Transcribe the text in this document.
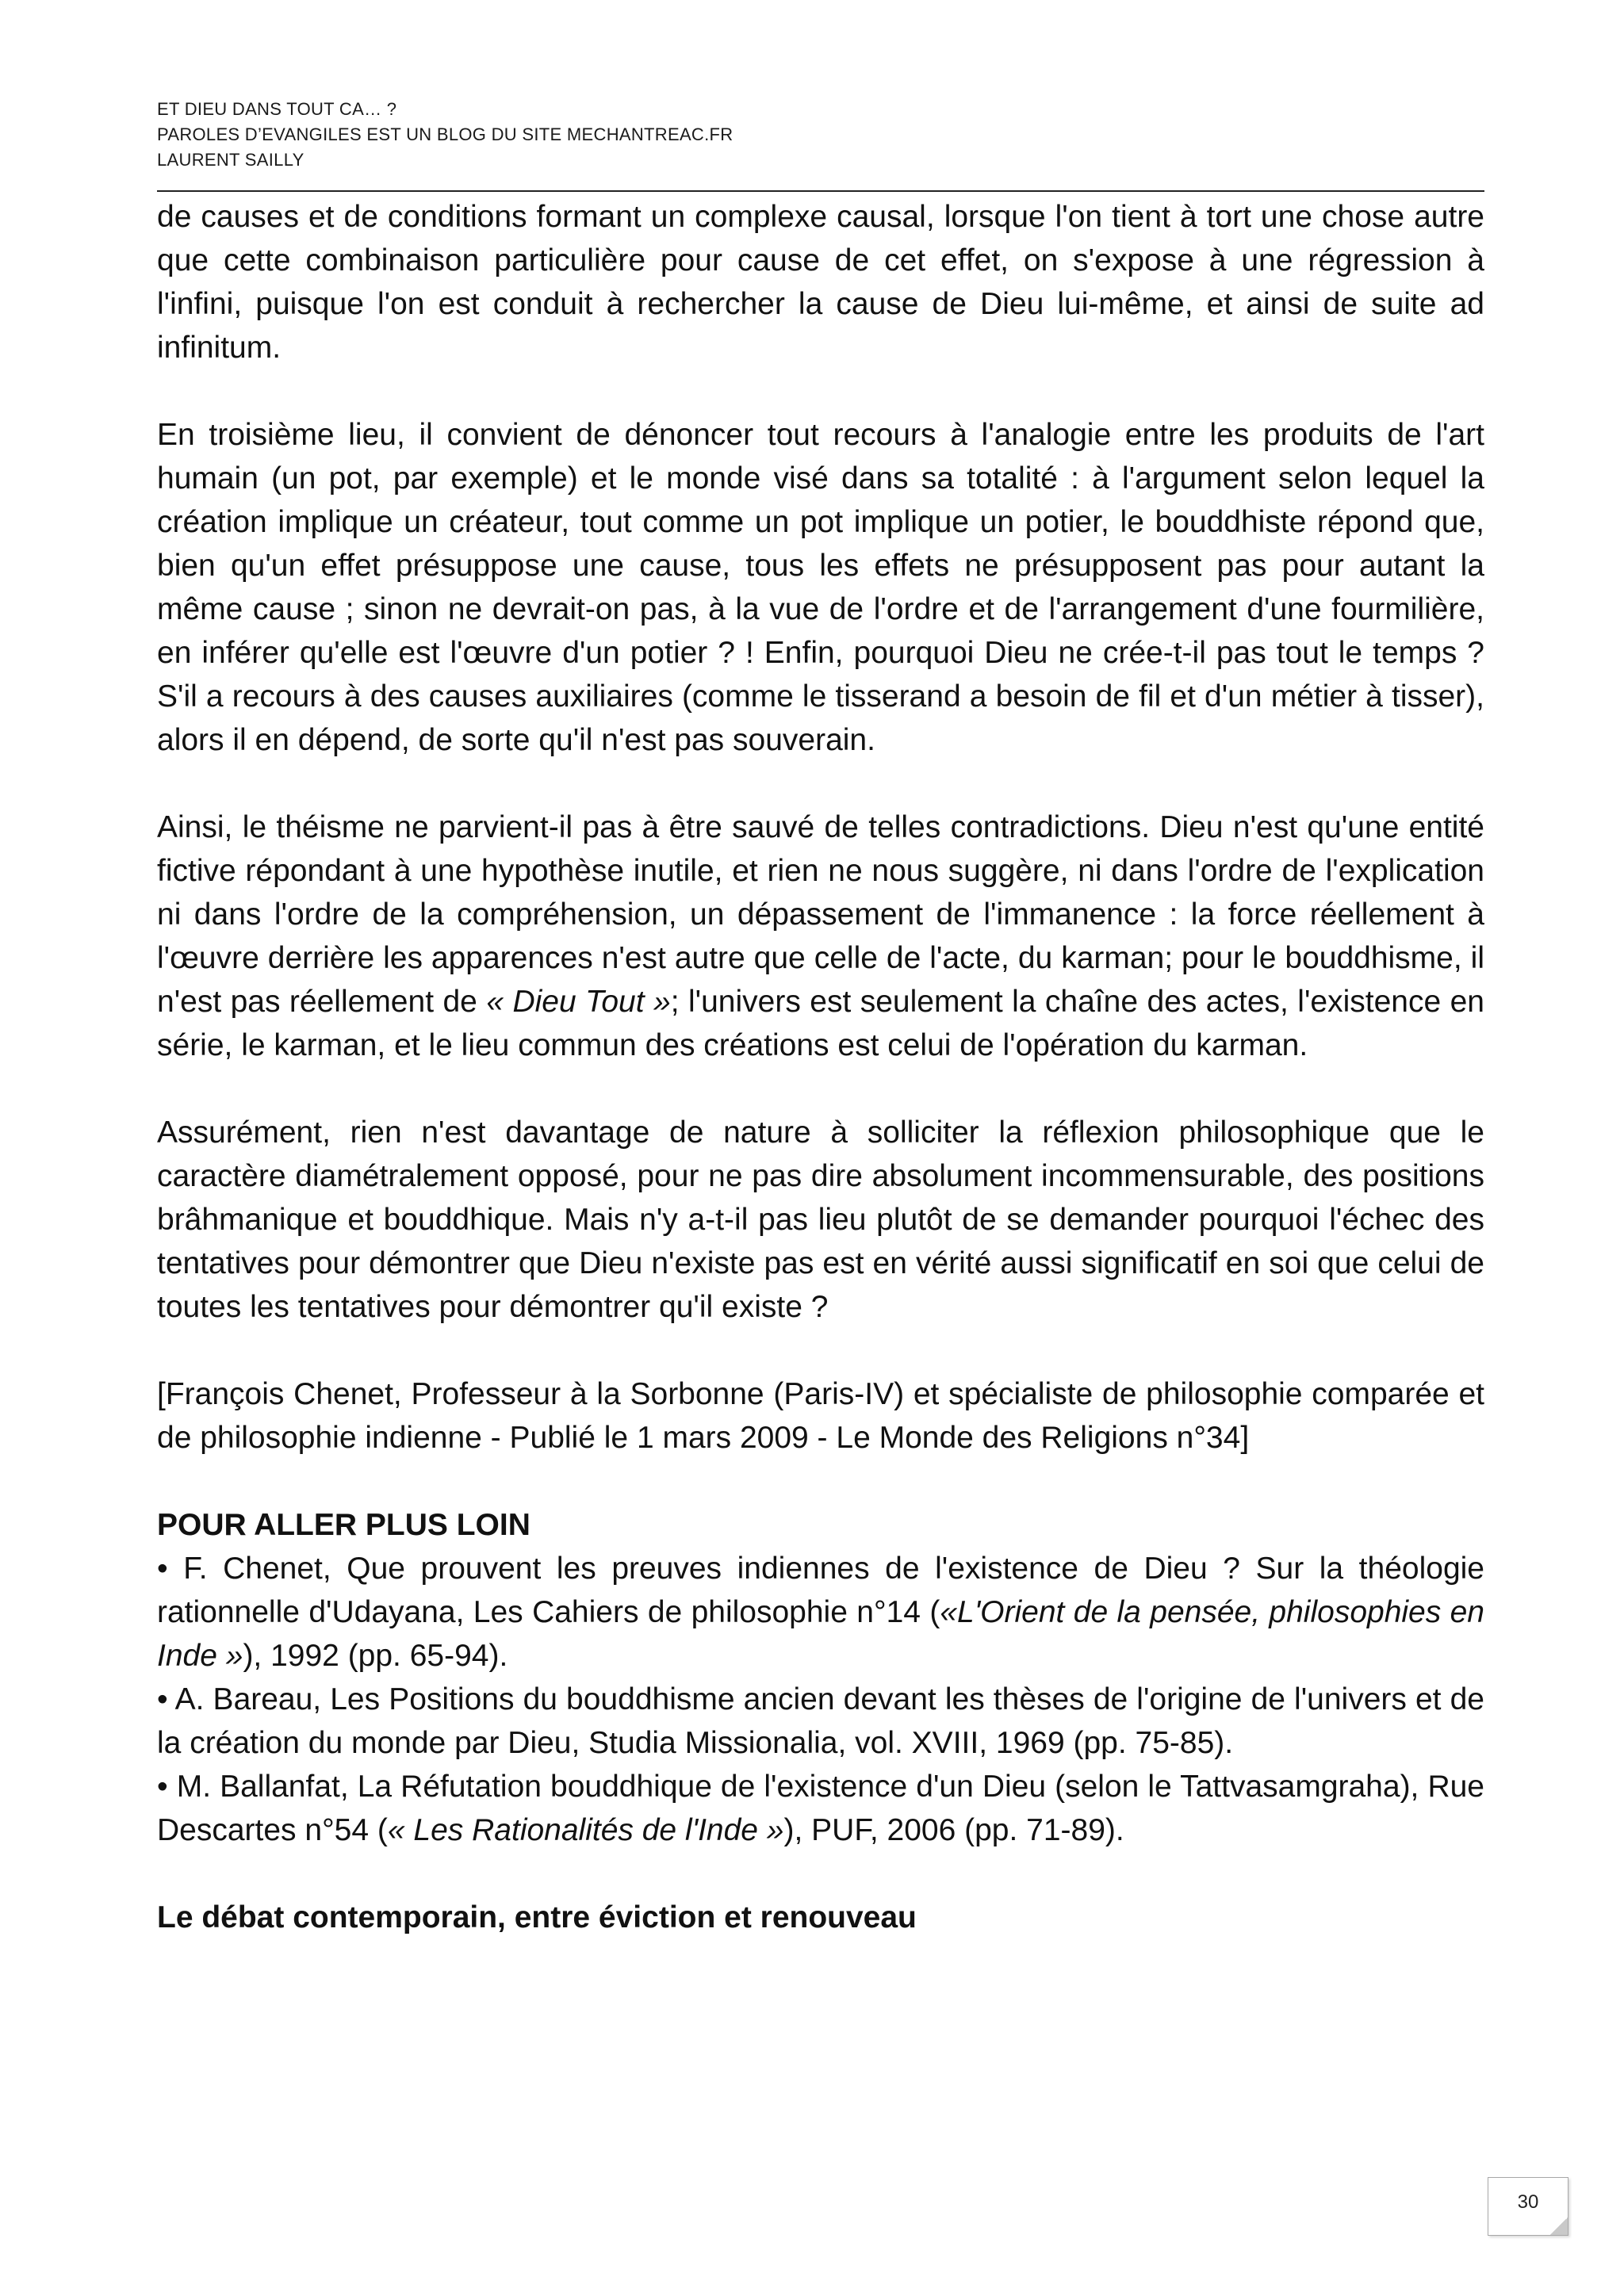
ET DIEU DANS TOUT CA… ?
PAROLES D’EVANGILES EST UN BLOG DU SITE MECHANTREAC.FR
LAURENT SAILLY

de causes et de conditions formant un complexe causal, lorsque l'on tient à tort une chose autre que cette combinaison particulière pour cause de cet effet, on s'expose à une régression à l'infini, puisque l'on est conduit à rechercher la cause de Dieu lui-même, et ainsi de suite ad infinitum.

En troisième lieu, il convient de dénoncer tout recours à l'analogie entre les produits de l'art humain (un pot, par exemple) et le monde visé dans sa totalité : à l'argument selon lequel la création implique un créateur, tout comme un pot implique un potier, le bouddhiste répond que, bien qu'un effet présuppose une cause, tous les effets ne présupposent pas pour autant la même cause ; sinon ne devrait-on pas, à la vue de l'ordre et de l'arrangement d'une fourmilière, en inférer qu'elle est l'œuvre d'un potier ? ! Enfin, pourquoi Dieu ne crée-t-il pas tout le temps ? S'il a recours à des causes auxiliaires (comme le tisserand a besoin de fil et d'un métier à tisser), alors il en dépend, de sorte qu'il n'est pas souverain.

Ainsi, le théisme ne parvient-il pas à être sauvé de telles contradictions. Dieu n'est qu'une entité fictive répondant à une hypothèse inutile, et rien ne nous suggère, ni dans l'ordre de l'explication ni dans l'ordre de la compréhension, un dépassement de l'immanence : la force réellement à l'œuvre derrière les apparences n'est autre que celle de l'acte, du karman; pour le bouddhisme, il n'est pas réellement de « Dieu Tout »; l'univers est seulement la chaîne des actes, l'existence en série, le karman, et le lieu commun des créations est celui de l'opération du karman.

Assurément, rien n'est davantage de nature à solliciter la réflexion philosophique que le caractère diamétralement opposé, pour ne pas dire absolument incommensurable, des positions brâhmanique et bouddhique. Mais n'y a-t-il pas lieu plutôt de se demander pourquoi l'échec des tentatives pour démontrer que Dieu n'existe pas est en vérité aussi significatif en soi que celui de toutes les tentatives pour démontrer qu'il existe ?

[François Chenet, Professeur à la Sorbonne (Paris-IV) et spécialiste de philosophie comparée et de philosophie indienne - Publié le 1 mars 2009 - Le Monde des Religions n°34]

POUR ALLER PLUS LOIN

• F. Chenet, Que prouvent les preuves indiennes de l'existence de Dieu ? Sur la théologie rationnelle d'Udayana, Les Cahiers de philosophie n°14 («L'Orient de la pensée, philosophies en Inde »), 1992 (pp. 65-94).

• A. Bareau, Les Positions du bouddhisme ancien devant les thèses de l'origine de l'univers et de la création du monde par Dieu, Studia Missionalia, vol. XVIII, 1969 (pp. 75-85).

• M. Ballanfat, La Réfutation bouddhique de l'existence d'un Dieu (selon le Tattvasamgraha), Rue Descartes n°54 (« Les Rationalités de l'Inde »), PUF, 2006 (pp. 71-89).

Le débat contemporain, entre éviction et renouveau

30
